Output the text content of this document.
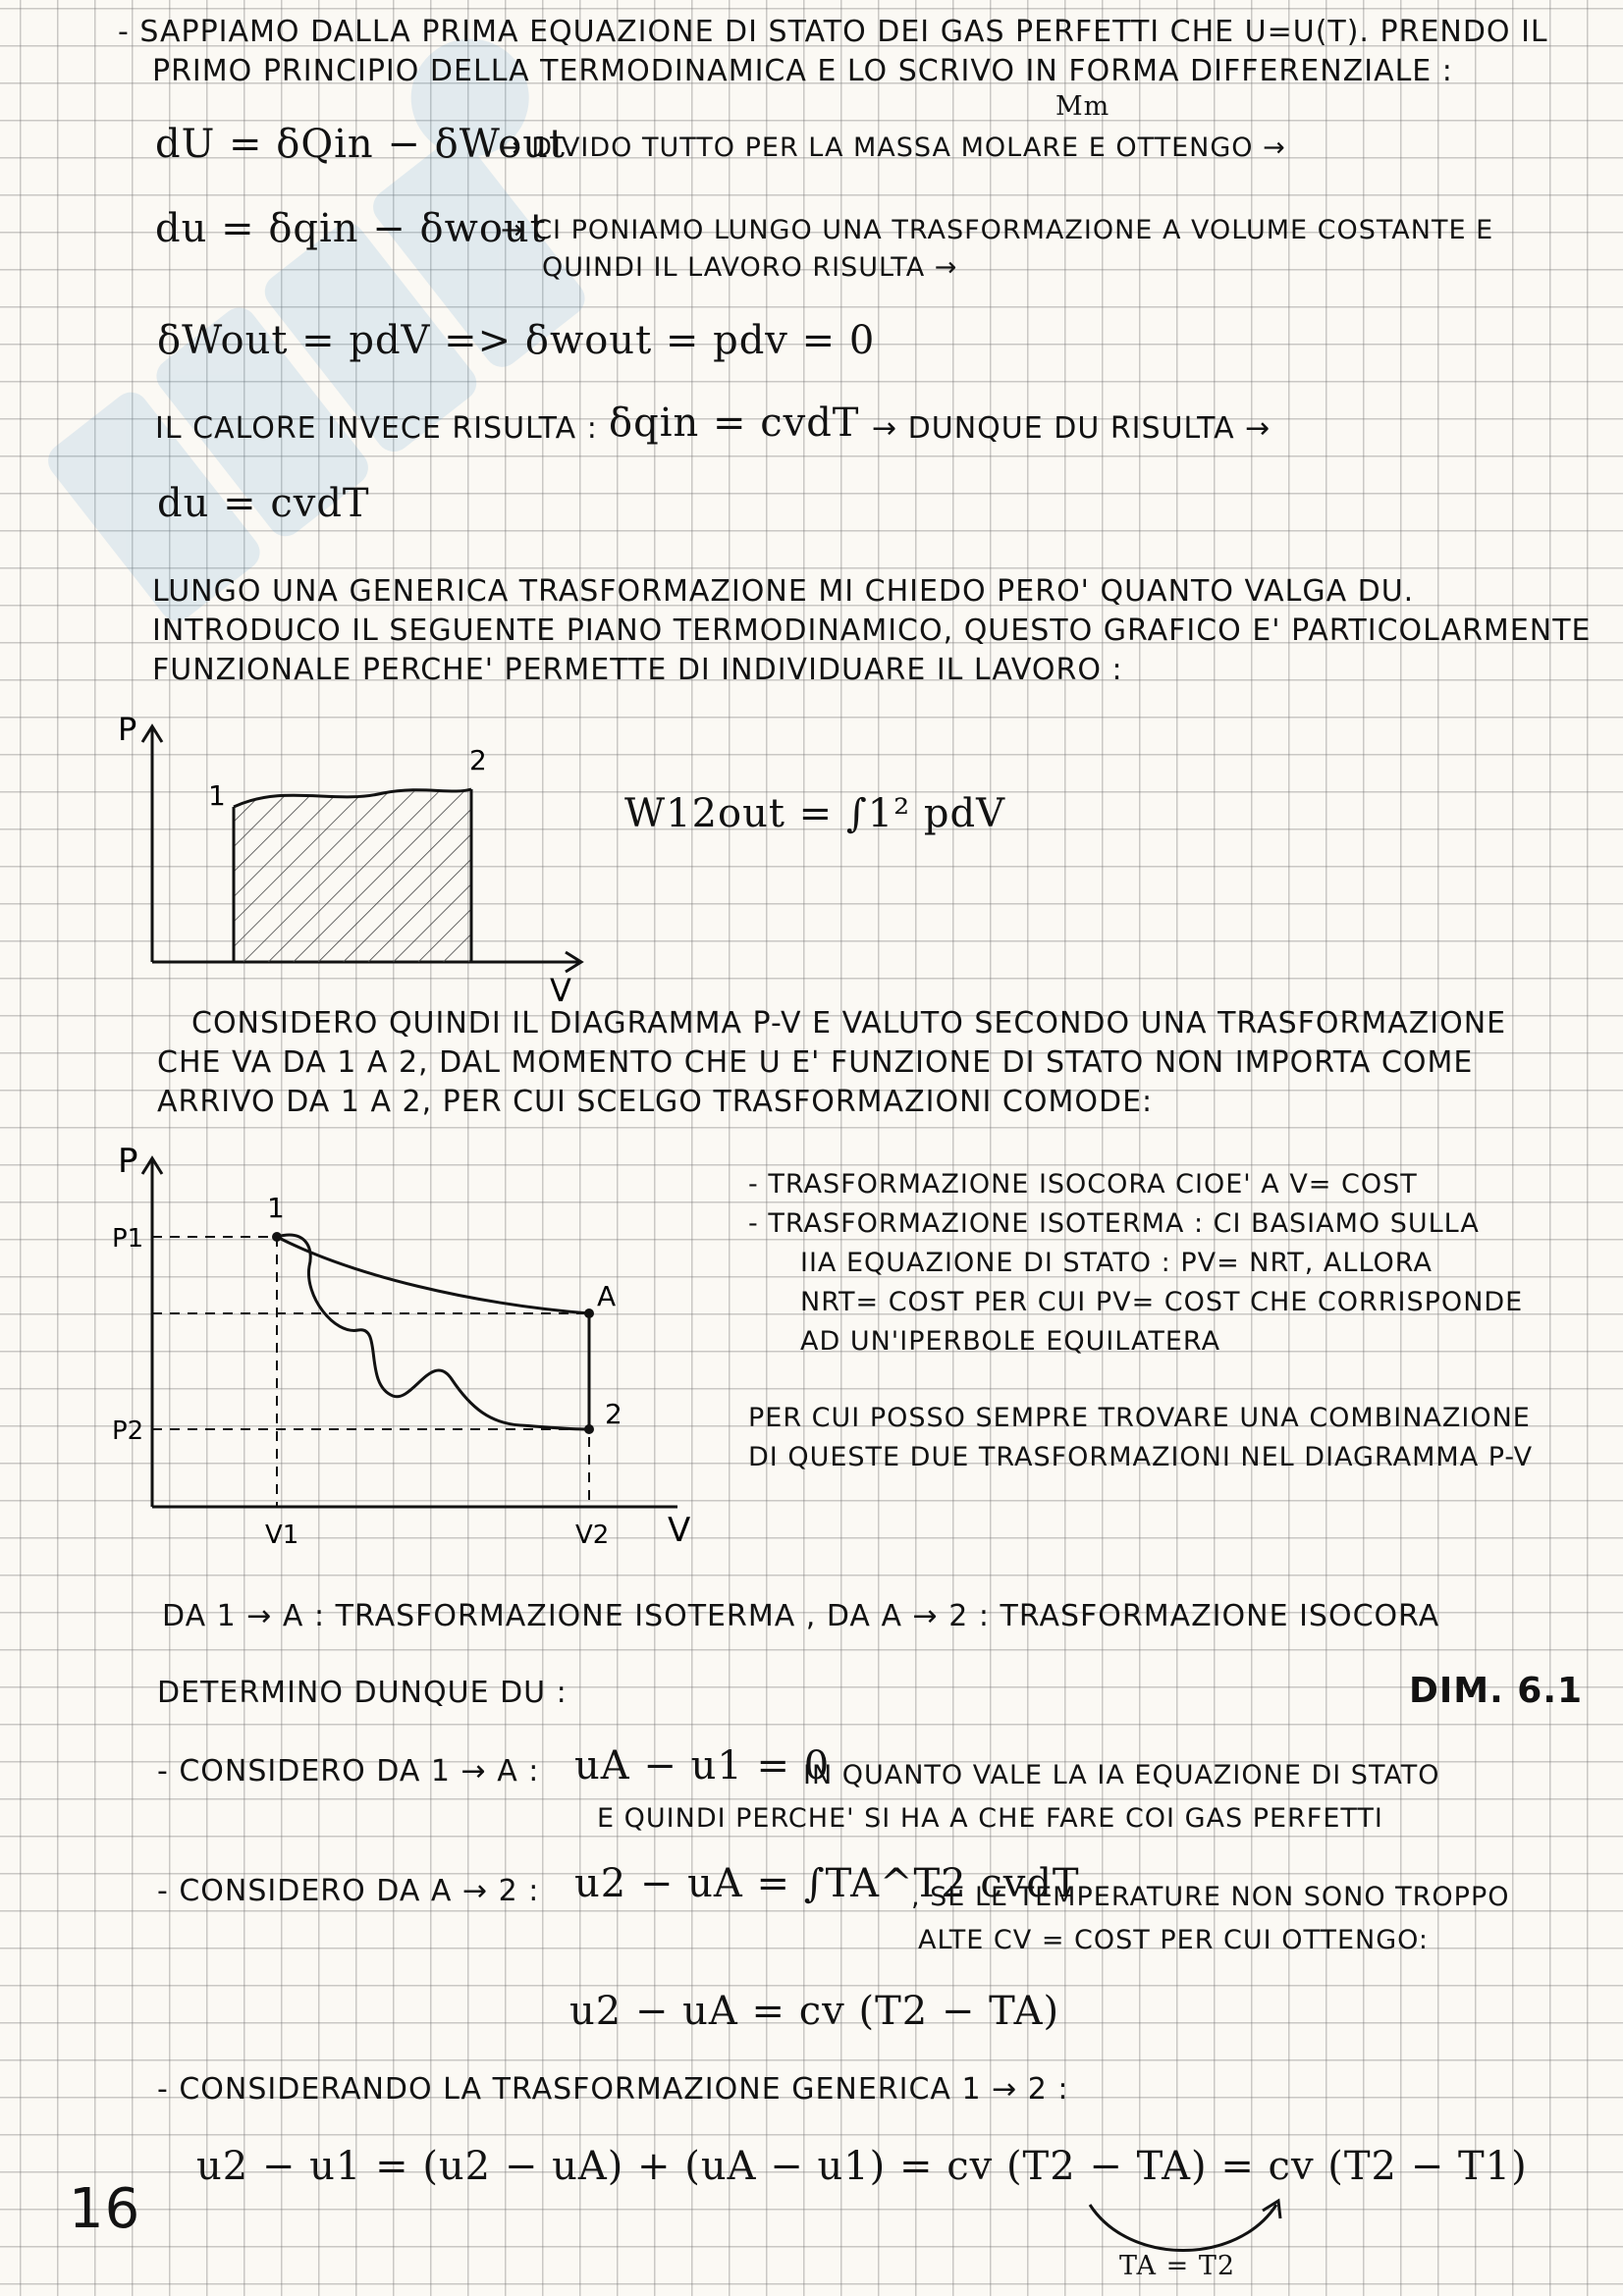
- SAPPIAMO DALLA PRIMA EQUAZIONE DI STATO DEI GAS PERFETTI CHE U=U(T). PRENDO IL
PRIMO PRINCIPIO DELLA TERMODINAMICA E LO SCRIVO IN FORMA DIFFERENZIALE :
Mm
dU = δQin − δWout
→ DIVIDO TUTTO PER LA MASSA MOLARE E OTTENGO →
du = δqin − δwout
→ CI PONIAMO LUNGO UNA TRASFORMAZIONE A VOLUME COSTANTE E
QUINDI IL LAVORO RISULTA →
δWout = pdV => δwout = pdv = 0
IL CALORE INVECE RISULTA : δqin = cvdT → DUNQUE DU RISULTA →
du = cvdT
LUNGO UNA GENERICA TRASFORMAZIONE MI CHIEDO PERO' QUANTO VALGA DU.
INTRODUCO IL SEGUENTE PIANO TERMODINAMICO, QUESTO GRAFICO E' PARTICOLARMENTE
FUNZIONALE PERCHE' PERMETTE DI INDIVIDUARE IL LAVORO :
P
V
1
2
W12out = ∫1² pdV
CONSIDERO QUINDI IL DIAGRAMMA P-V E VALUTO SECONDO UNA TRASFORMAZIONE
CHE VA DA 1 A 2, DAL MOMENTO CHE U E' FUNZIONE DI STATO NON IMPORTA COME
ARRIVO DA 1 A 2, PER CUI SCELGO TRASFORMAZIONI COMODE:
P
V
P1
P2
V1	V2
1
A
2
- TRASFORMAZIONE ISOCORA CIOE' A V= COST
- TRASFORMAZIONE ISOTERMA : CI BASIAMO SULLA
IIA EQUAZIONE DI STATO : PV= NRT, ALLORA
NRT= COST PER CUI PV= COST CHE CORRISPONDE
AD UN'IPERBOLE EQUILATERA
PER CUI POSSO SEMPRE TROVARE UNA COMBINAZIONE
DI QUESTE DUE TRASFORMAZIONI NEL DIAGRAMMA P-V
DA 1 → A : TRASFORMAZIONE ISOTERMA , DA A → 2 : TRASFORMAZIONE ISOCORA
DETERMINO DUNQUE DU :	DIM. 6.1
- CONSIDERO DA 1 → A : uA − u1 = 0
IN QUANTO VALE LA IA EQUAZIONE DI STATO
E QUINDI PERCHE' SI HA A CHE FARE COI GAS PERFETTI
- CONSIDERO DA A → 2 : u2 − uA = ∫TA^T2 cvdT
, SE LE TEMPERATURE NON SONO TROPPO
ALTE CV = COST PER CUI OTTENGO:
u2 − uA = cv (T2 − TA)
- CONSIDERANDO LA TRASFORMAZIONE GENERICA 1 → 2 :
u2 − u1 = (u2 − uA) + (uA − u1) = cv (T2 − TA) = cv (T2 − T1)
TA = T2
16
